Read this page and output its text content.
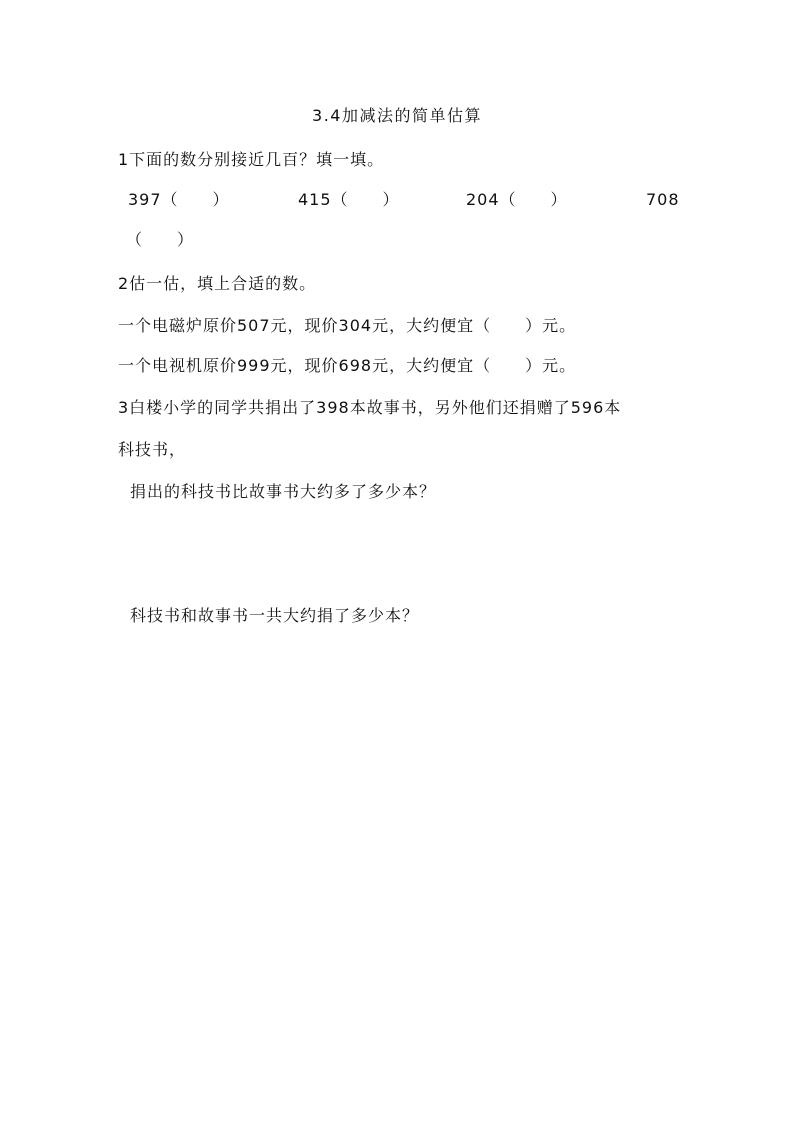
3.4加减法的简单估算
1下面的数分别接近几百？填一填。
397（　　）	415（　　）	204（　　）	708
（　　）
2估一估，填上合适的数。
一个电磁炉原价507元，现价304元，大约便宜（　　）元。
一个电视机原价999元，现价698元，大约便宜（　　）元。
3白楼小学的同学共捐出了398本故事书，另外他们还捐赠了596本
科技书，
捐出的科技书比故事书大约多了多少本？
科技书和故事书一共大约捐了多少本？
